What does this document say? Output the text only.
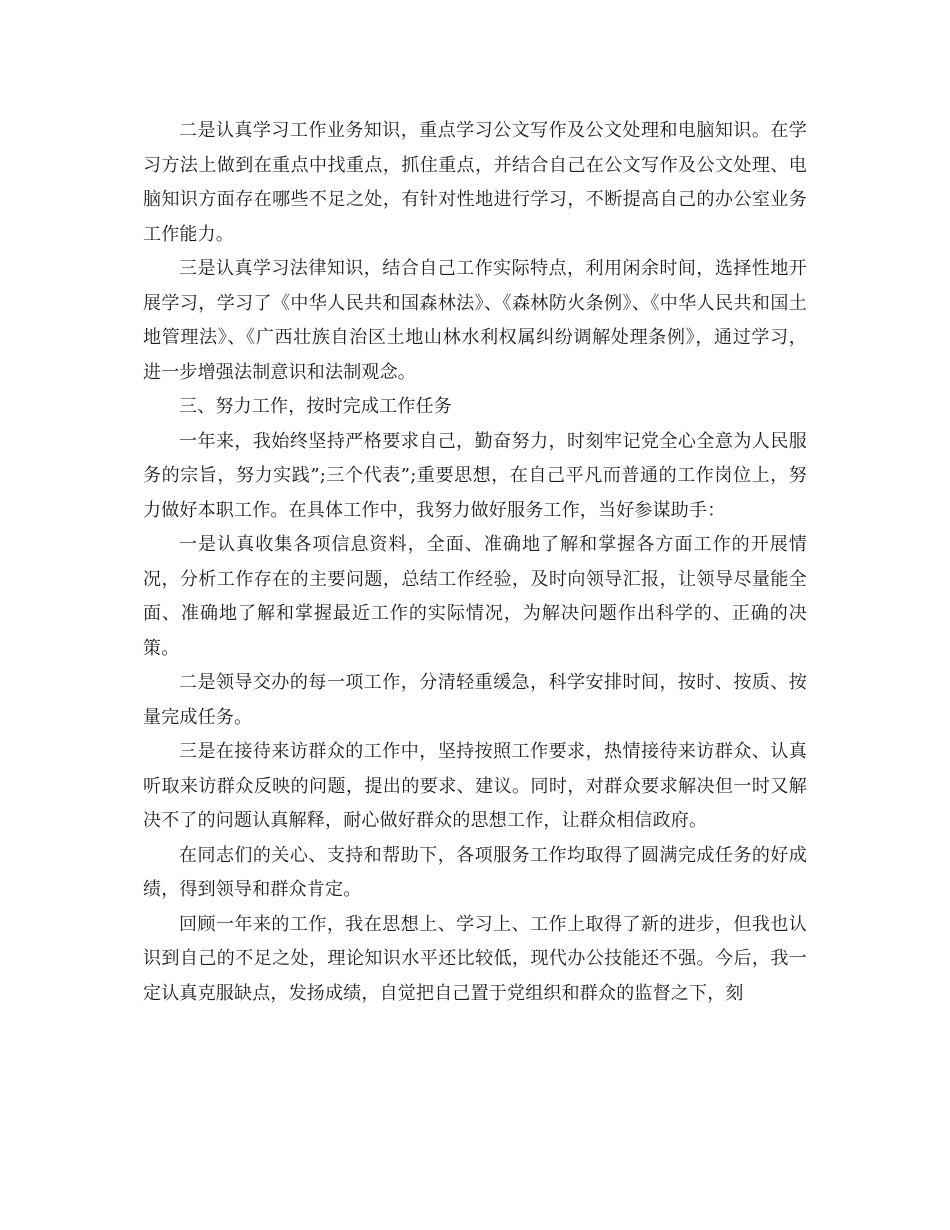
二是认真学习工作业务知识，重点学习公文写作及公文处理和电脑知识。在学习方法上做到在重点中找重点，抓住重点，并结合自己在公文写作及公文处理、电脑知识方面存在哪些不足之处，有针对性地进行学习，不断提高自己的办公室业务工作能力。

三是认真学习法律知识，结合自己工作实际特点，利用闲余时间，选择性地开展学习，学习了《中华人民共和国森林法》、《森林防火条例》、《中华人民共和国土地管理法》、《广西壮族自治区土地山林水利权属纠纷调解处理条例》，通过学习，进一步增强法制意识和法制观念。

三、努力工作，按时完成工作任务

一年来，我始终坚持严格要求自己，勤奋努力，时刻牢记党全心全意为人民服务的宗旨，努力实践”;三个代表”;重要思想，在自己平凡而普通的工作岗位上，努力做好本职工作。在具体工作中，我努力做好服务工作，当好参谋助手：

一是认真收集各项信息资料，全面、准确地了解和掌握各方面工作的开展情况，分析工作存在的主要问题，总结工作经验，及时向领导汇报，让领导尽量能全面、准确地了解和掌握最近工作的实际情况，为解决问题作出科学的、正确的决策。

二是领导交办的每一项工作，分清轻重缓急，科学安排时间，按时、按质、按量完成任务。

三是在接待来访群众的工作中，坚持按照工作要求，热情接待来访群众、认真听取来访群众反映的问题，提出的要求、建议。同时，对群众要求解决但一时又解决不了的问题认真解释，耐心做好群众的思想工作，让群众相信政府。

在同志们的关心、支持和帮助下，各项服务工作均取得了圆满完成任务的好成绩，得到领导和群众肯定。

回顾一年来的工作，我在思想上、学习上、工作上取得了新的进步，但我也认识到自己的不足之处，理论知识水平还比较低，现代办公技能还不强。今后，我一定认真克服缺点，发扬成绩，自觉把自己置于党组织和群众的监督之下，刻
